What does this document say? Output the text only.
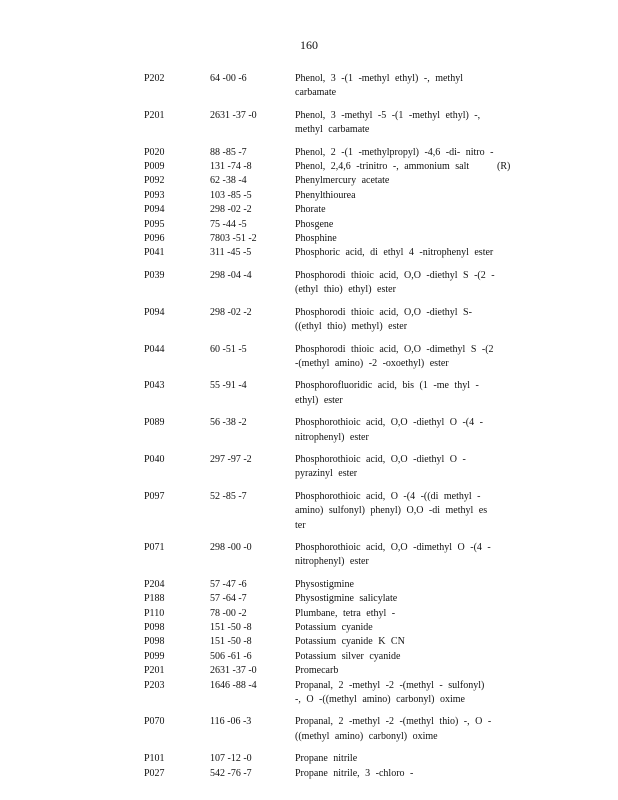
160
P202	64 -00 -6	Phenol, 3 -(1 -methyl ethyl) -, methyl carbamate
P201	2631 -37 -0	Phenol, 3 -methyl -5 -(1 -methyl ethyl) -, methyl carbamate
P020	88 -85 -7	Phenol, 2 -(1 -methylpropyl) -4,6 -di- nitro -
P009	131 -74 -8	Phenol, 2,4,6 -trinitro -, ammonium salt	(R)
P092	62 -38 -4	Phenylmercury acetate
P093	103 -85 -5	Phenylthiourea
P094	298 -02 -2	Phorate
P095	75 -44 -5	Phosgene
P096	7803 -51 -2	Phosphine
P041	311 -45 -5	Phosphoric acid, di ethyl 4 -nitrophenyl ester
P039	298 -04 -4	Phosphorodi thioic acid, O,O -diethyl S -(2 -(ethyl thio) ethyl) ester
P094	298 -02 -2	Phosphorodi thioic acid, O,O -diethyl S- ((ethyl thio) methyl) ester
P044	60 -51 -5	Phosphorodi thioic acid, O,O -dimethyl S -(2 -(methyl amino) -2 -oxoethyl) ester
P043	55 -91 -4	Phosphorofluoridic acid, bis (1 -me thyl - ethyl) ester
P089	56 -38 -2	Phosphorothioic acid, O,O -diethyl O -(4 -nitrophenyl) ester
P040	297 -97 -2	Phosphorothioic acid, O,O -diethyl O - pyrazinyl ester
P097	52 -85 -7	Phosphorothioic acid, O -(4 -((di methyl - amino) sulfonyl) phenyl) O,O -di methyl es ter
P071	298 -00 -0	Phosphorothioic acid, O,O -dimethyl O -(4 -nitrophenyl) ester
P204	57 -47 -6	Physostigmine
P188	57 -64 -7	Physostigmine salicylate
P110	78 -00 -2	Plumbane, tetra ethyl -
P098	151 -50 -8	Potassium cyanide
P098	151 -50 -8	Potassium cyanide K CN
P099	506 -61 -6	Potassium silver cyanide
P201	2631 -37 -0	Promecarb
P203	1646 -88 -4	Propanal, 2 -methyl -2 -(methyl - sulfonyl) -, O -((methyl amino) carbonyl) oxime
P070	116 -06 -3	Propanal, 2 -methyl -2 -(methyl thio) -, O - ((methyl amino) carbonyl) oxime
P101	107 -12 -0	Propane nitrile
P027	542 -76 -7	Propane nitrile, 3 -chloro -
